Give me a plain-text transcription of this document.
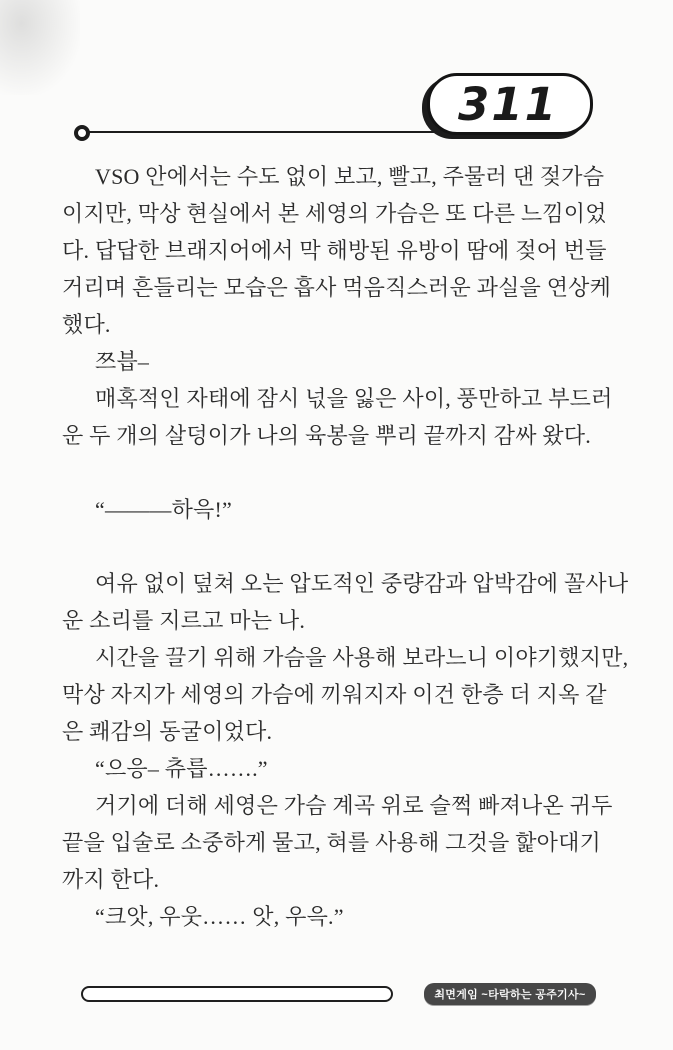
311
VSO 안에서는 수도 없이 보고, 빨고, 주물러 댄 젖가슴
이지만, 막상 현실에서 본 세영의 가슴은 또 다른 느낌이었
다. 답답한 브래지어에서 막 해방된 유방이 땀에 젖어 번들
거리며 흔들리는 모습은 흡사 먹음직스러운 과실을 연상케
했다.
쯔븝–
매혹적인 자태에 잠시 넋을 잃은 사이, 풍만하고 부드러
운 두 개의 살덩이가 나의 육봉을 뿌리 끝까지 감싸 왔다.
“―――하윽!”
여유 없이 덮쳐 오는 압도적인 중량감과 압박감에 꼴사나
운 소리를 지르고 마는 나.
시간을 끌기 위해 가슴을 사용해 보라느니 이야기했지만,
막상 자지가 세영의 가슴에 끼워지자 이건 한층 더 지옥 같
은 쾌감의 동굴이었다.
“으응– 츄릅…….”
거기에 더해 세영은 가슴 계곡 위로 슬쩍 빠져나온 귀두
끝을 입술로 소중하게 물고, 혀를 사용해 그것을 핥아대기
까지 한다.
“크앗, 우웃…… 앗, 우윽.”
최면게임 ~타락하는 공주기사~
